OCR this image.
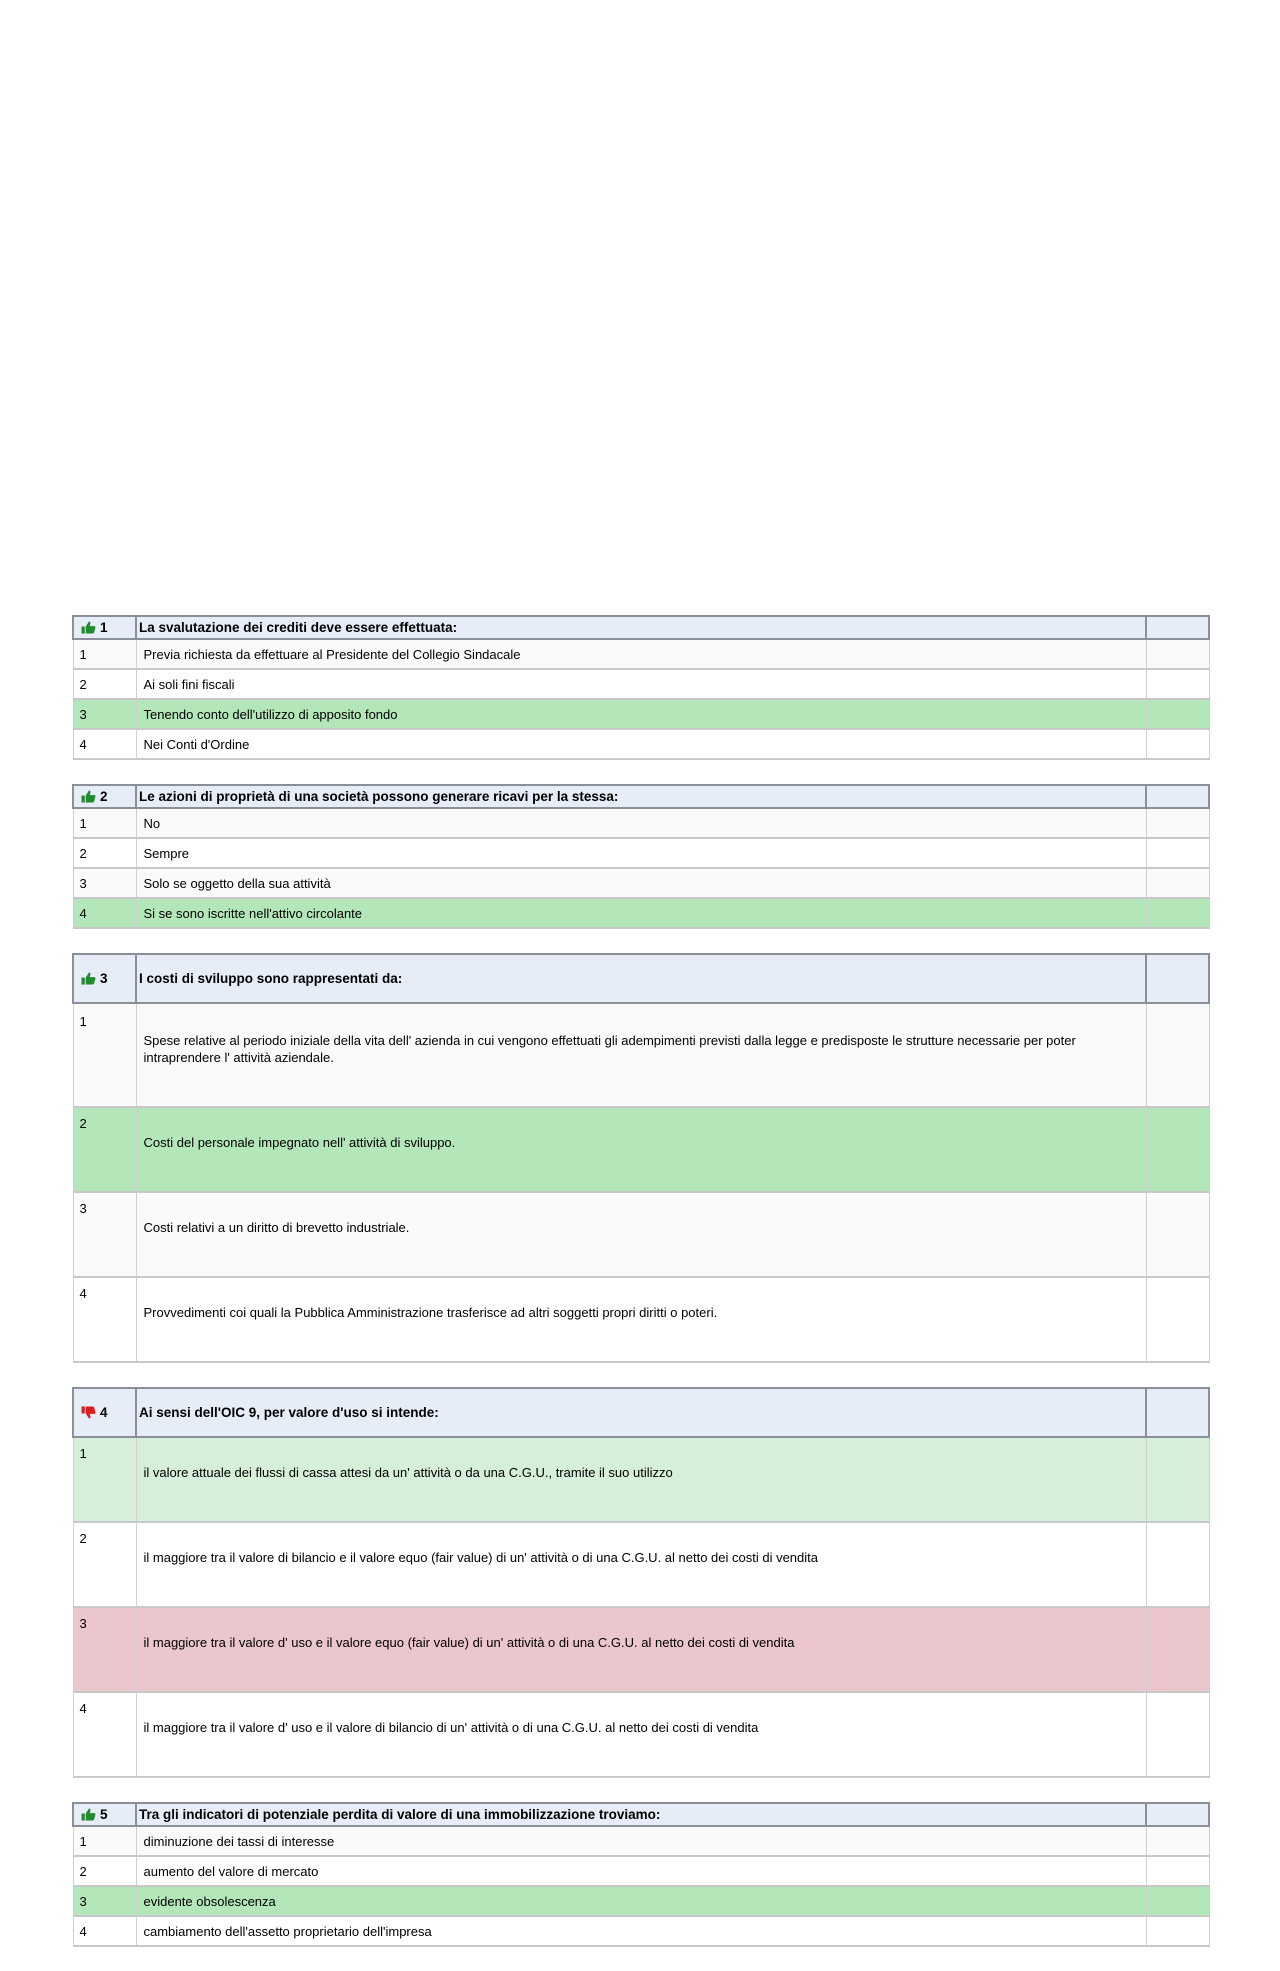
1	La svalutazione dei crediti deve essere effettuata:	
1	Previa richiesta da effettuare al Presidente del Collegio Sindacale	
2	Ai soli fini fiscali	
3	Tenendo conto dell'utilizzo di apposito fondo	
4	Nei Conti d'Ordine	
2	Le azioni di proprietà di una società possono generare ricavi per la stessa:	
1	No	
2	Sempre	
3	Solo se oggetto della sua attività	
4	Si se sono iscritte nell'attivo circolante	
3	I costi di sviluppo sono rappresentati da:	
1	Spese relative al periodo iniziale della vita dell' azienda in cui vengono effettuati gli adempimenti previsti dalla legge e predisposte le strutture necessarie per poter intraprendere l' attività aziendale.	
2	Costi del personale impegnato nell' attività di sviluppo.	
3	Costi relativi a un diritto di brevetto industriale.	
4	Provvedimenti coi quali la Pubblica Amministrazione trasferisce ad altri soggetti propri diritti o poteri.	
4	Ai sensi dell'OIC 9, per valore d'uso si intende:	
1	il valore attuale dei flussi di cassa attesi da un' attività o da una C.G.U., tramite il suo utilizzo	
2	il maggiore tra il valore di bilancio e il valore equo (fair value) di un' attività o di una C.G.U. al netto dei costi di vendita	
3	il maggiore tra il valore d' uso e il valore equo (fair value) di un' attività o di una C.G.U. al netto dei costi di vendita	
4	il maggiore tra il valore d' uso e il valore di bilancio di un' attività o di una C.G.U. al netto dei costi di vendita	
5	Tra gli indicatori di potenziale perdita di valore di una immobilizzazione troviamo:	
1	diminuzione dei tassi di interesse	
2	aumento del valore di mercato	
3	evidente obsolescenza	
4	cambiamento dell'assetto proprietario dell'impresa	
